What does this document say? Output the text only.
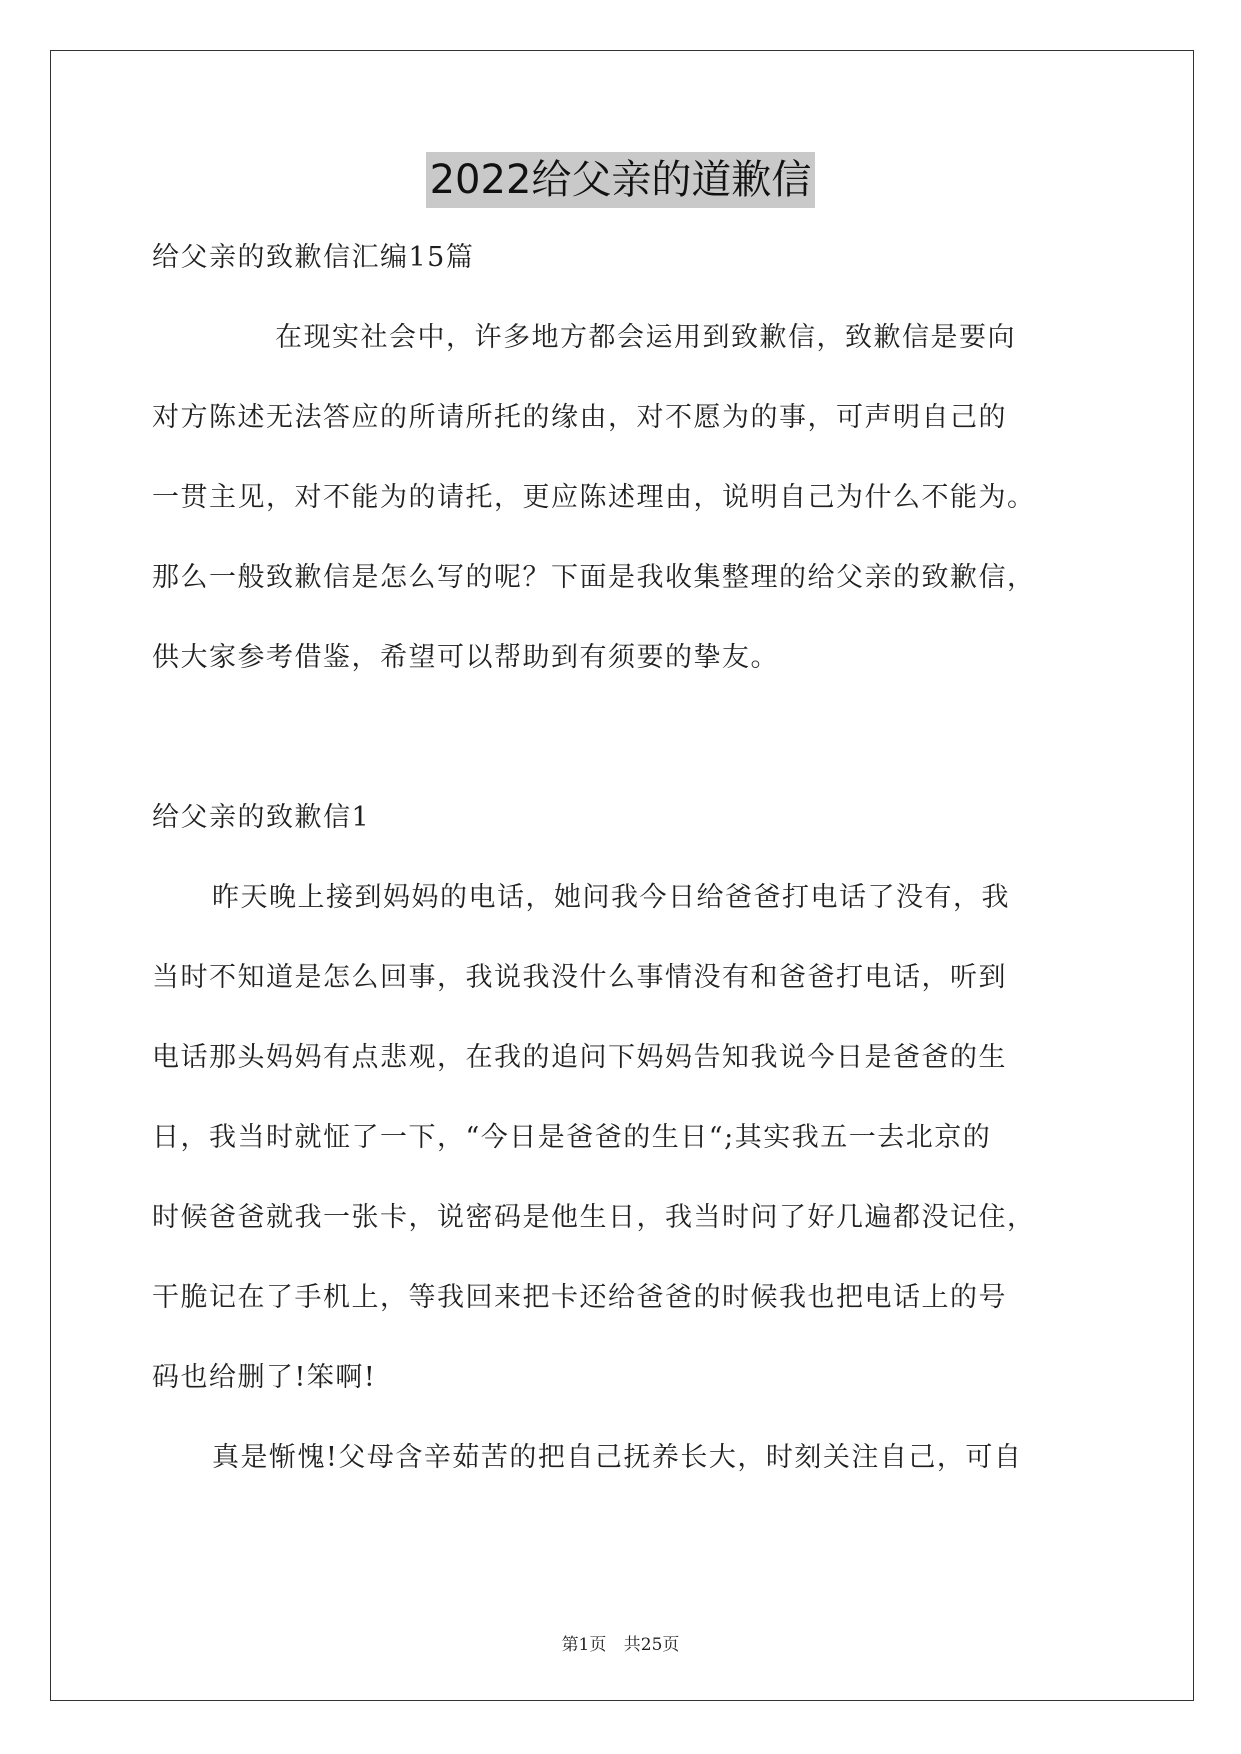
2022给父亲的道歉信
给父亲的致歉信汇编15篇
在现实社会中，许多地方都会运用到致歉信，致歉信是要向
对方陈述无法答应的所请所托的缘由，对不愿为的事，可声明自己的
一贯主见，对不能为的请托，更应陈述理由，说明自己为什么不能为。
那么一般致歉信是怎么写的呢？下面是我收集整理的给父亲的致歉信，
供大家参考借鉴，希望可以帮助到有须要的挚友。
给父亲的致歉信1
昨天晚上接到妈妈的电话，她问我今日给爸爸打电话了没有，我
当时不知道是怎么回事，我说我没什么事情没有和爸爸打电话，听到
电话那头妈妈有点悲观，在我的追问下妈妈告知我说今日是爸爸的生
日，我当时就怔了一下，“今日是爸爸的生日“;其实我五一去北京的
时候爸爸就我一张卡，说密码是他生日，我当时问了好几遍都没记住，
干脆记在了手机上，等我回来把卡还给爸爸的时候我也把电话上的号
码也给删了!笨啊!
真是惭愧!父母含辛茹苦的把自己抚养长大，时刻关注自己，可自
第1页 共25页
